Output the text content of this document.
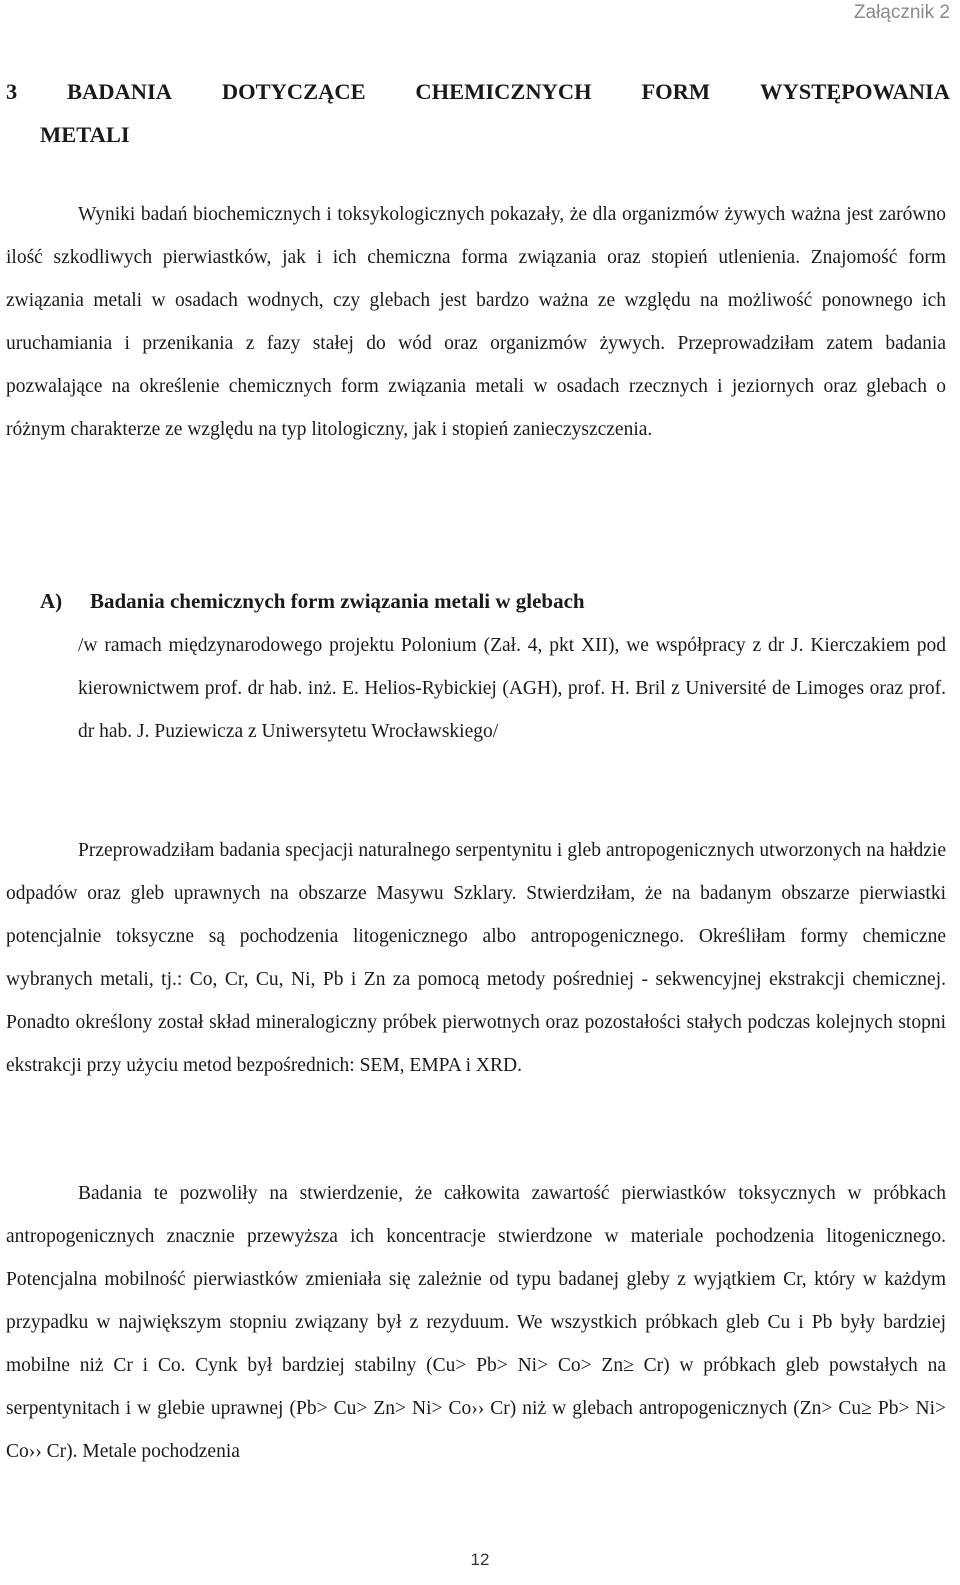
Załącznik 2
3 BADANIA DOTYCZĄCE CHEMICZNYCH FORM WYSTĘPOWANIA
METALI

Wyniki badań biochemicznych i toksykologicznych pokazały, że dla organizmów żywych ważna jest zarówno ilość szkodliwych pierwiastków, jak i ich chemiczna forma związania oraz stopień utlenienia. Znajomość form związania metali w osadach wodnych, czy glebach jest bardzo ważna ze względu na możliwość ponownego ich uruchamiania i przenikania z fazy stałej do wód oraz organizmów żywych. Przeprowadziłam zatem badania pozwalające na określenie chemicznych form związania metali w osadach rzecznych i jeziornych oraz glebach o różnym charakterze ze względu na typ litologiczny, jak i stopień zanieczyszczenia.

A) Badania chemicznych form związania metali w glebach

/w ramach międzynarodowego projektu Polonium (Zał. 4, pkt XII), we współpracy z dr J. Kierczakiem pod kierownictwem prof. dr hab. inż. E. Helios-Rybickiej (AGH), prof. H. Bril z Université de Limoges oraz prof. dr hab. J. Puziewicza z Uniwersytetu Wrocławskiego/

Przeprowadziłam badania specjacji naturalnego serpentynitu i gleb antropogenicznych utworzonych na hałdzie odpadów oraz gleb uprawnych na obszarze Masywu Szklary. Stwierdziłam, że na badanym obszarze pierwiastki potencjalnie toksyczne są pochodzenia litogenicznego albo antropogenicznego. Określiłam formy chemiczne wybranych metali, tj.: Co, Cr, Cu, Ni, Pb i Zn za pomocą metody pośredniej - sekwencyjnej ekstrakcji chemicznej. Ponadto określony został skład mineralogiczny próbek pierwotnych oraz pozostałości stałych podczas kolejnych stopni ekstrakcji przy użyciu metod bezpośrednich: SEM, EMPA i XRD.

Badania te pozwoliły na stwierdzenie, że całkowita zawartość pierwiastków toksycznych w próbkach antropogenicznych znacznie przewyższa ich koncentracje stwierdzone w materiale pochodzenia litogenicznego. Potencjalna mobilność pierwiastków zmieniała się zależnie od typu badanej gleby z wyjątkiem Cr, który w każdym przypadku w największym stopniu związany był z rezyduum. We wszystkich próbkach gleb Cu i Pb były bardziej mobilne niż Cr i Co. Cynk był bardziej stabilny (Cu> Pb> Ni> Co> Zn≥ Cr) w próbkach gleb powstałych na serpentynitach i w glebie uprawnej (Pb> Cu> Zn> Ni> Co›› Cr) niż w glebach antropogenicznych (Zn> Cu≥ Pb> Ni> Co›› Cr). Metale pochodzenia

12
